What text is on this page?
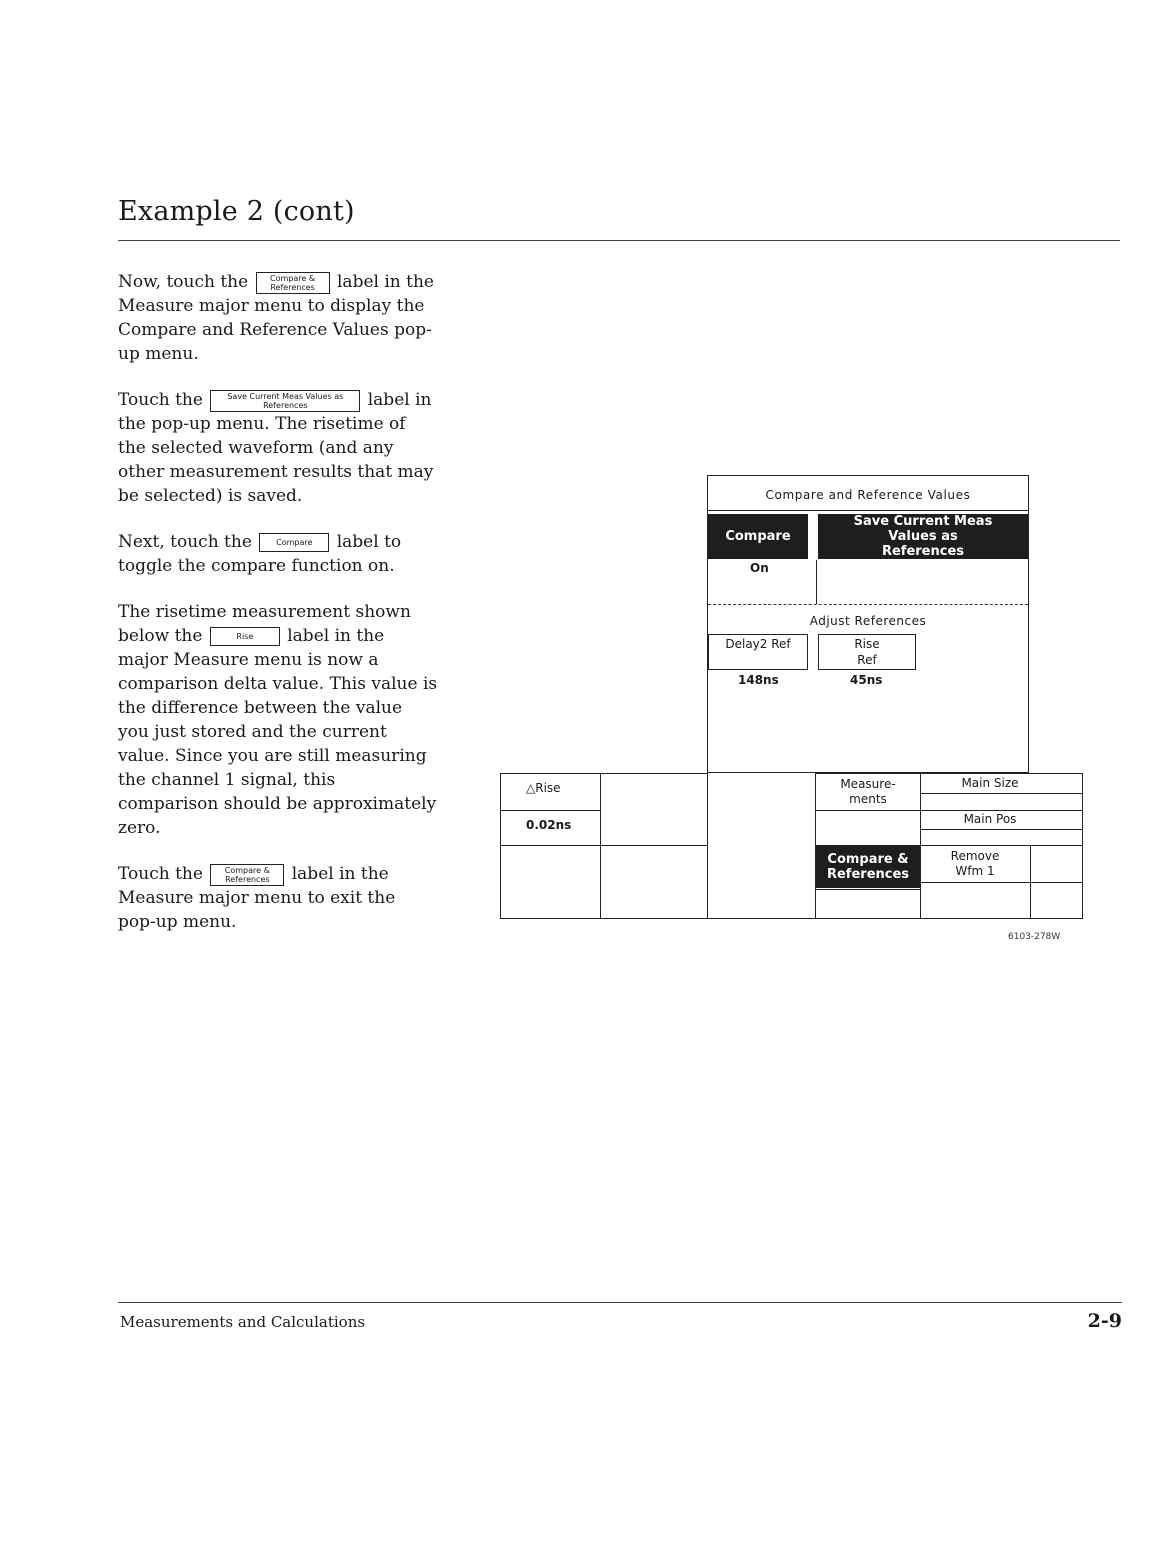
Example 2 (cont)

Now, touch the	Compare & References label in the Measure major menu to display the Compare and Reference Values pop-up menu.

Touch the	Save Current Meas Values as References	label in the pop-up menu. The risetime of the selected waveform (and any other measurement results that may be selected) is saved.

Next, touch the	Compare label to toggle the compare function on.

The risetime measurement shown below the	Rise label in the major Measure menu is now a comparison delta value. This value is the difference between the value you just stored and the current value. Since you are still measuring the channel 1 signal, this comparison should be approximately zero.

Touch the	Compare & References label in the Measure major menu to exit the pop-up menu.

Compare and Reference Values
Compare
Save Current Meas Values as References
On
Adjust References
Delay2 Ref	Rise Ref
148ns	45ns
△Rise
0.02ns
Measure-
ments
Main Size
Main Pos
Compare & References
Remove Wfm 1
6103-278W
Measurements and Calculations	2-9
